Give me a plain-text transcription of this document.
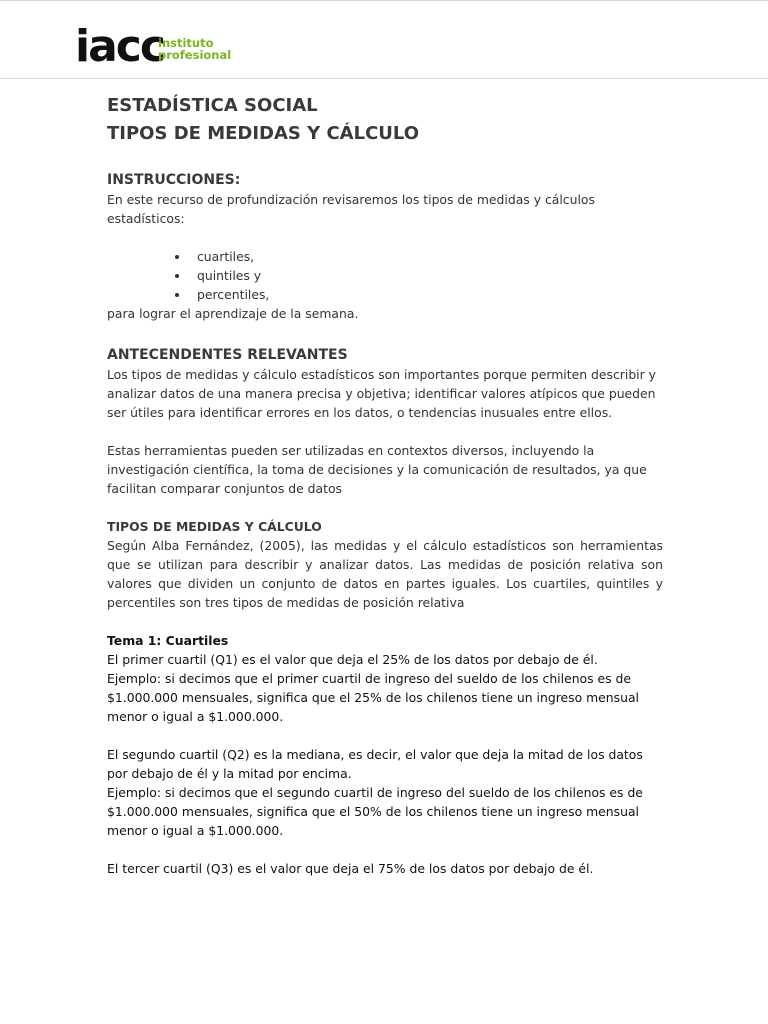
iacc
instituto
profesional
ESTADÍSTICA SOCIAL
TIPOS DE MEDIDAS Y CÁLCULO
INSTRUCCIONES:

En este recurso de profundización revisaremos los tipos de medidas y cálculos estadísticos:

cuartiles,
quintiles y
percentiles,

para lograr el aprendizaje de la semana.

ANTECENDENTES RELEVANTES

Los tipos de medidas y cálculo estadísticos son importantes porque permiten describir y analizar datos de una manera precisa y objetiva; identificar valores atípicos que pueden ser útiles para identificar errores en los datos, o tendencias inusuales entre ellos.

Estas herramientas pueden ser utilizadas en contextos diversos, incluyendo la investigación científica, la toma de decisiones y la comunicación de resultados, ya que facilitan comparar conjuntos de datos

TIPOS DE MEDIDAS Y CÁLCULO

Según Alba Fernández, (2005), las medidas y el cálculo estadísticos son herramientas que se utilizan para describir y analizar datos. Las medidas de posición relativa son valores que dividen un conjunto de datos en partes iguales. Los cuartiles, quintiles y percentiles son tres tipos de medidas de posición relativa

Tema 1: Cuartiles

El primer cuartil (Q1) es el valor que deja el 25% de los datos por debajo de él.

Ejemplo: si decimos que el primer cuartil de ingreso del sueldo de los chilenos es de $1.000.000 mensuales, significa que el 25% de los chilenos tiene un ingreso mensual menor o igual a $1.000.000.

El segundo cuartil (Q2) es la mediana, es decir, el valor que deja la mitad de los datos por debajo de él y la mitad por encima.

Ejemplo: si decimos que el segundo cuartil de ingreso del sueldo de los chilenos es de $1.000.000 mensuales, significa que el 50% de los chilenos tiene un ingreso mensual menor o igual a $1.000.000.

El tercer cuartil (Q3) es el valor que deja el 75% de los datos por debajo de él.
